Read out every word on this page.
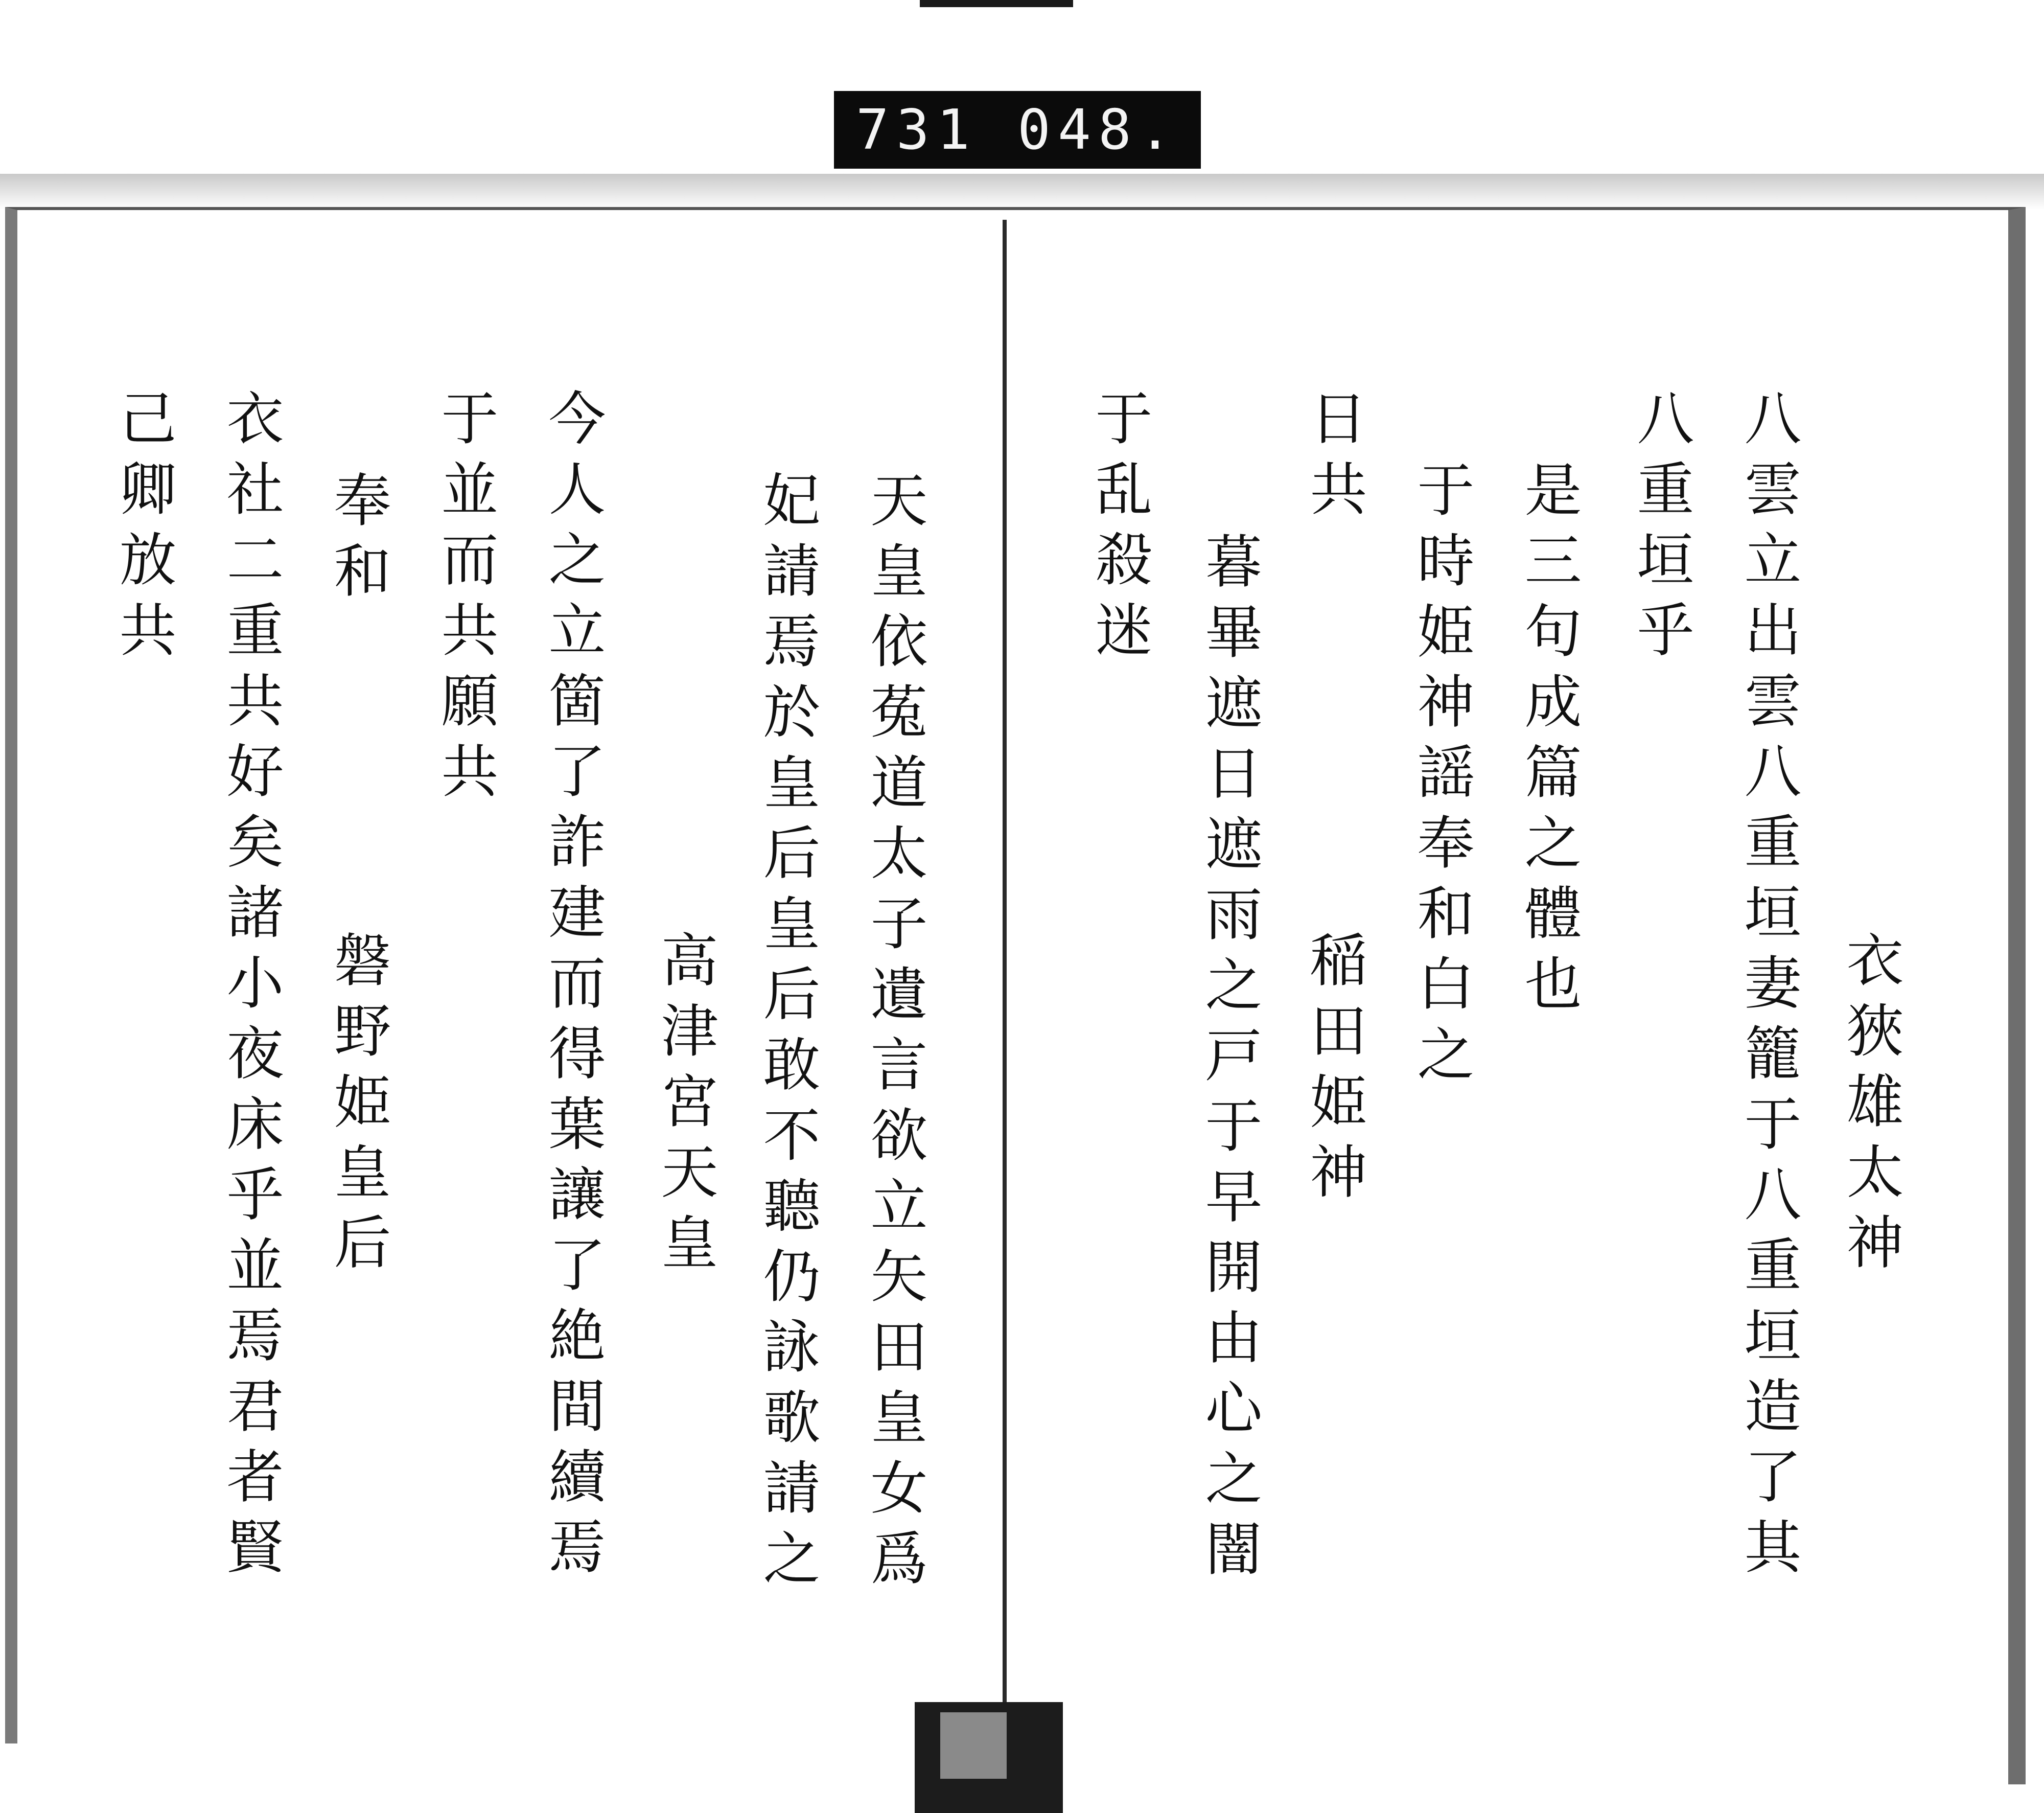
731 048.
衣狹雄太神
八雲立出雲八重垣妻籠于八重垣造了其
八重垣乎
是三句成篇之體也
于時姫神謡奉和白之
稲田姫神
日共
暮畢遮日遮雨之戸于早開由心之闇
于乱殺迷
天皇依菟道太子遺言欲立矢田皇女爲
妃請焉於皇后皇后敢不聽仍詠歌請之
高津宮天皇
今人之立箇了詐建而得葉讓了絶間續焉
于並而共願共
奉和
磐野姫皇后
衣社二重共好矣諸小夜床乎並焉君者賢
己卿放共
